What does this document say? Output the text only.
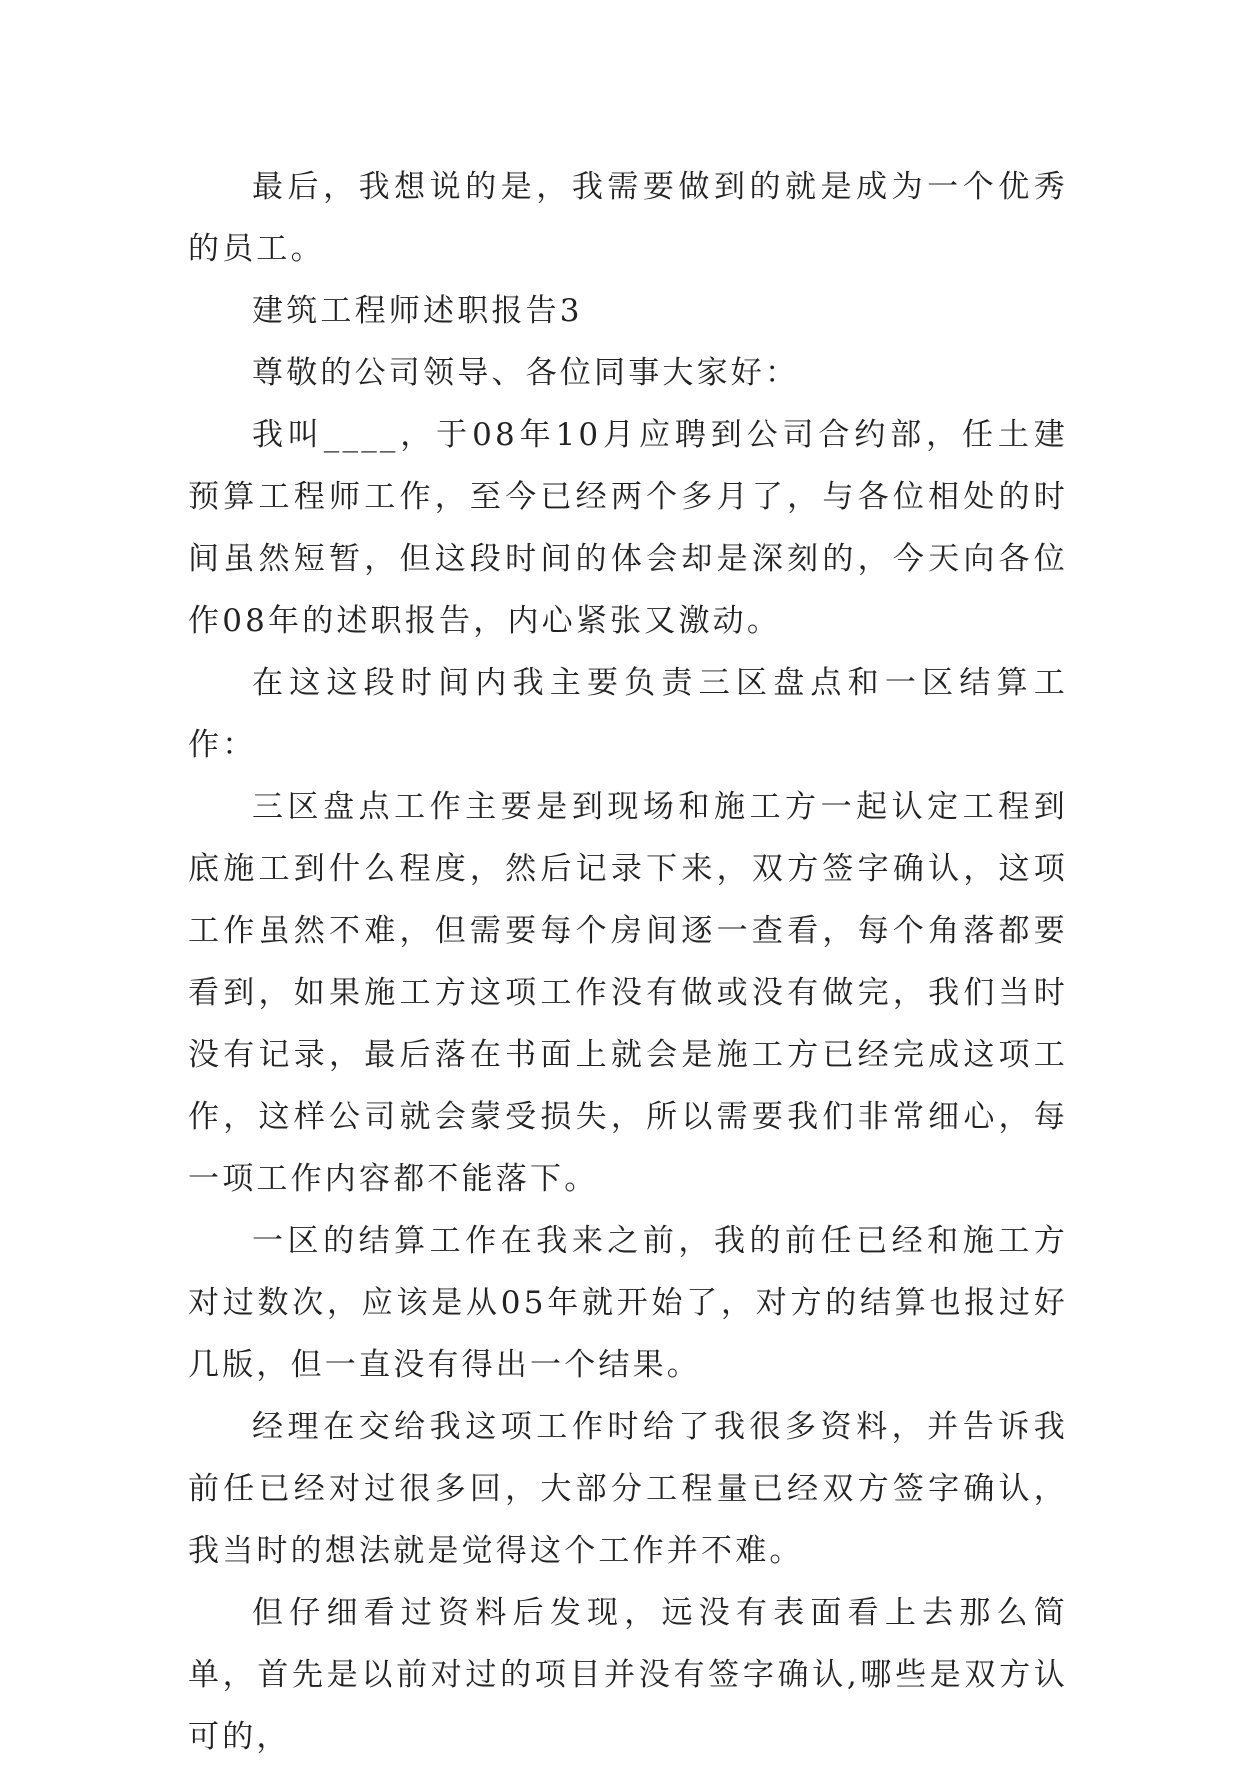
最后，我想说的是，我需要做到的就是成为一个优秀的员工。

建筑工程师述职报告3

尊敬的公司领导、各位同事大家好：

我叫____，于08年10月应聘到公司合约部，任土建预算工程师工作，至今已经两个多月了，与各位相处的时间虽然短暂，但这段时间的体会却是深刻的，今天向各位作08年的述职报告，内心紧张又激动。

在这这段时间内我主要负责三区盘点和一区结算工作：

三区盘点工作主要是到现场和施工方一起认定工程到底施工到什么程度，然后记录下来，双方签字确认，这项工作虽然不难，但需要每个房间逐一查看，每个角落都要看到，如果施工方这项工作没有做或没有做完，我们当时没有记录，最后落在书面上就会是施工方已经完成这项工作，这样公司就会蒙受损失，所以需要我们非常细心，每一项工作内容都不能落下。

一区的结算工作在我来之前，我的前任已经和施工方对过数次，应该是从05年就开始了，对方的结算也报过好几版，但一直没有得出一个结果。

经理在交给我这项工作时给了我很多资料，并告诉我前任已经对过很多回，大部分工程量已经双方签字确认，我当时的想法就是觉得这个工作并不难。

但仔细看过资料后发现，远没有表面看上去那么简单，首先是以前对过的项目并没有签字确认,哪些是双方认可的，
